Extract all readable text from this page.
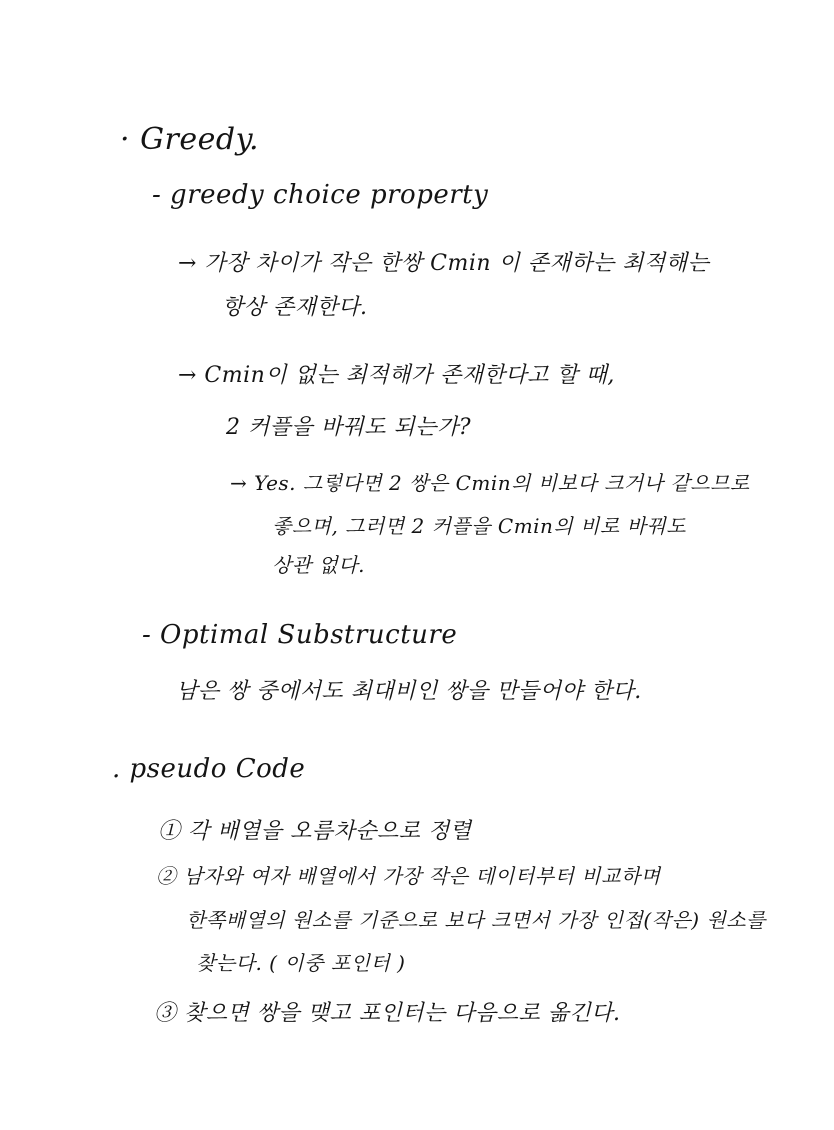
· Greedy.
- greedy choice property
→ 가장 차이가 작은 한쌍 Cmin 이 존재하는 최적해는
항상 존재한다.
→ Cmin이 없는 최적해가 존재한다고 할 때,
2 커플을 바꿔도 되는가?
→ Yes. 그렇다면 2 쌍은 Cmin의 비보다 크거나 같으므로
좋으며, 그러면 2 커플을 Cmin의 비로 바꿔도
상관 없다.
- Optimal Substructure
남은 쌍 중에서도 최대비인 쌍을 만들어야 한다.
. pseudo Code
① 각 배열을 오름차순으로 정렬
② 남자와 여자 배열에서 가장 작은 데이터부터 비교하며
한쪽배열의 원소를 기준으로 보다 크면서 가장 인접(작은) 원소를
찾는다. ( 이중 포인터 )
③ 찾으면 쌍을 맺고 포인터는 다음으로 옮긴다.
